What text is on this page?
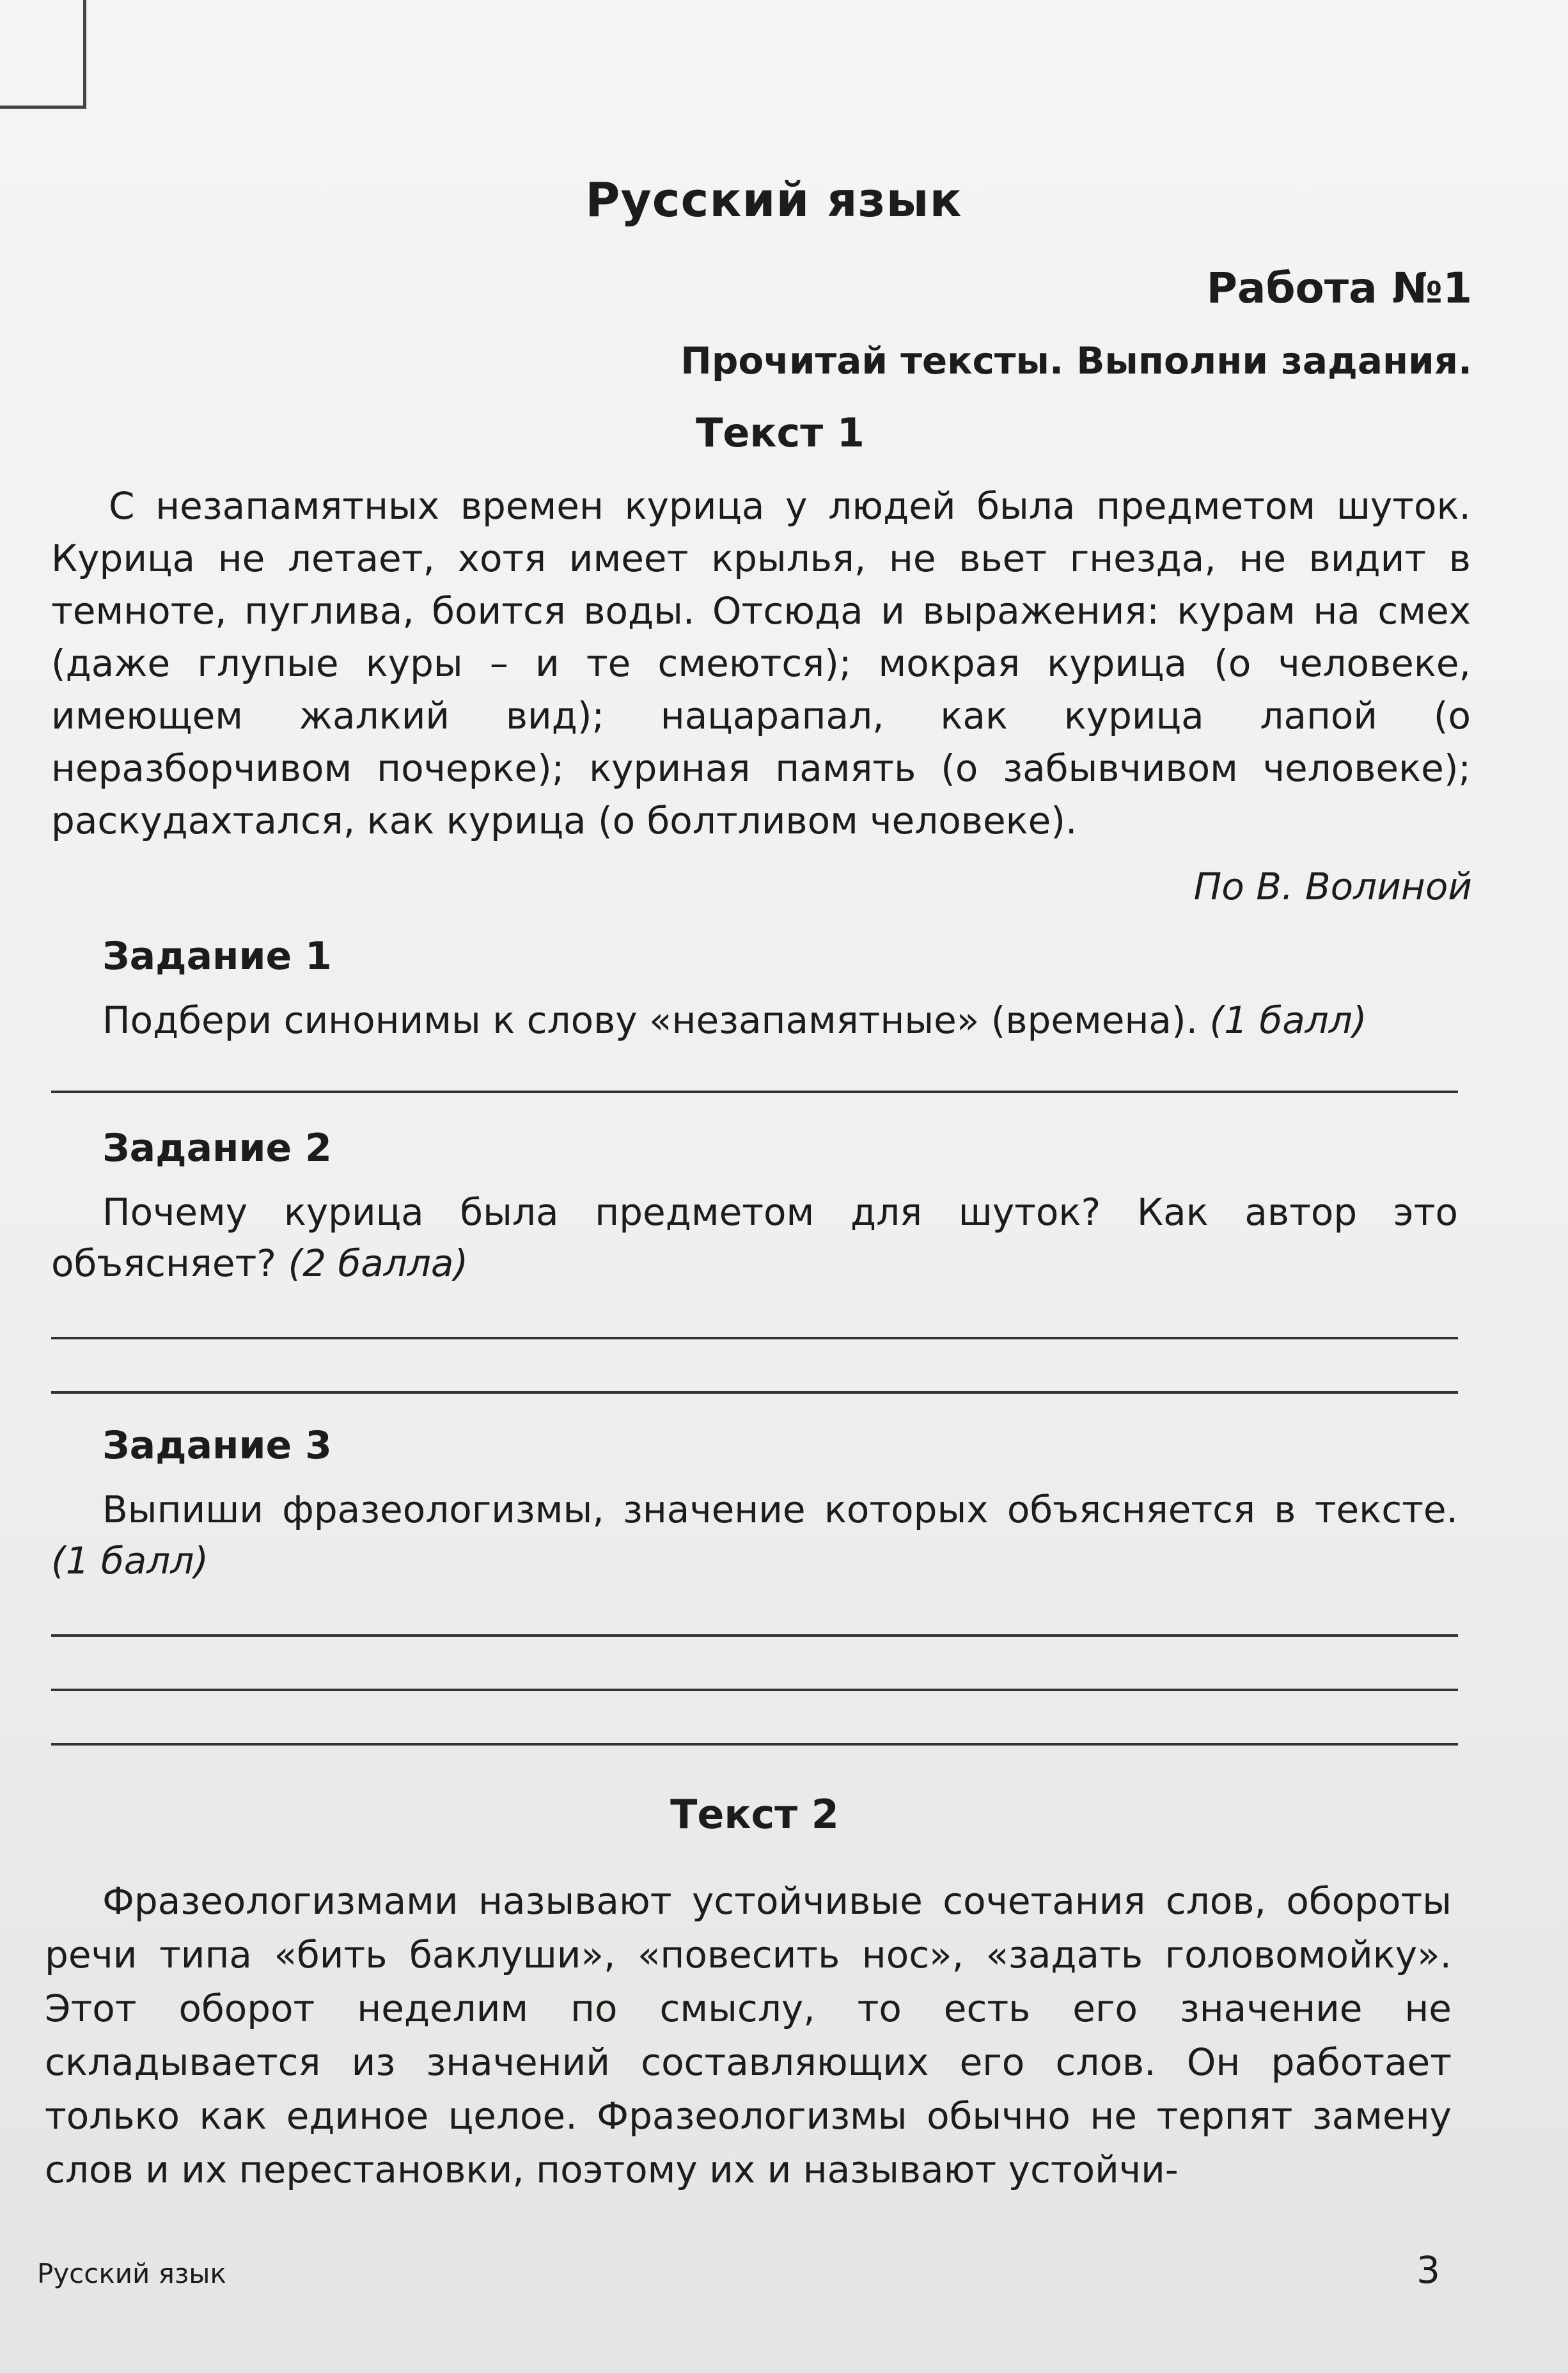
Русский язык
Работа №1
Прочитай тексты. Выполни задания.
Текст 1
С незапамятных времен курица у людей была предметом шуток. Курица не летает, хотя имеет крылья, не вьет гнезда, не видит в темноте, пуглива, боится воды. Отсюда и выражения: курам на смех (даже глупые куры – и те смеются); мокрая курица (о человеке, имеющем жалкий вид); нацарапал, как курица лапой (о неразборчивом почерке); куриная память (о забывчивом человеке); раскудахтался, как курица (о болтливом человеке).
По В. Волиной
Задание 1
Подбери синонимы к слову «незапамятные» (времена). (1 балл)
Задание 2
Почему курица была предметом для шуток? Как автор это объясняет? (2 балла)
Задание 3
Выпиши фразеологизмы, значение которых объясняется в тексте. (1 балл)
Текст 2
Фразеологизмами называют устойчивые сочетания слов, обороты речи типа «бить баклуши», «повесить нос», «задать головомойку». Этот оборот неделим по смыслу, то есть его значение не складывается из значений составляющих его слов. Он работает только как единое целое. Фразеологизмы обычно не терпят замену слов и их перестановки, поэтому их и называют устойчи-
Русский язык	3
